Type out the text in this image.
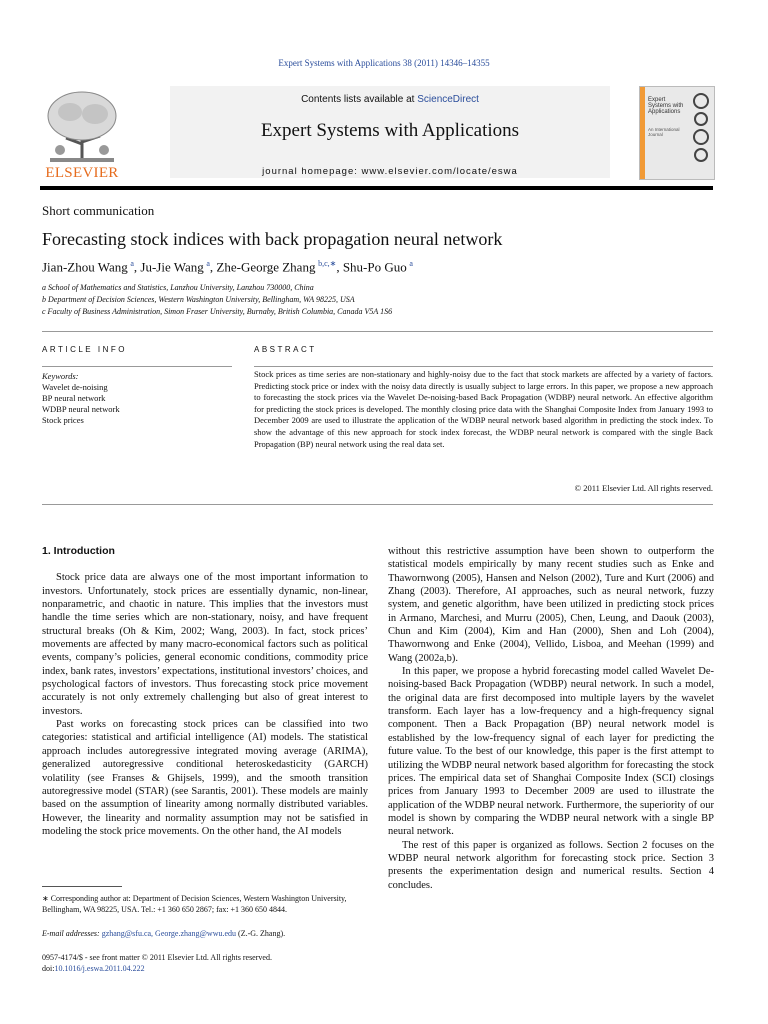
Expert Systems with Applications 38 (2011) 14346–14355
ELSEVIER
Contents lists available at ScienceDirect
Expert Systems with Applications
journal homepage: www.elsevier.com/locate/eswa
Expert Systems with Applications
An International Journal
Short communication
Forecasting stock indices with back propagation neural network
Jian-Zhou Wang  $^a$, Ju-Jie Wang  $^a$, Zhe-George Zhang  $^{b,c,∗}$, Shu-Po Guo  $^a$
a School of Mathematics and Statistics, Lanzhou University, Lanzhou 730000, China
b Department of Decision Sciences, Western Washington University, Bellingham, WA 98225, USA
c Faculty of Business Administration, Simon Fraser University, Burnaby, British Columbia, Canada V5A 1S6
ARTICLE INFO	ABSTRACT
Keywords:
Wavelet de-noising
BP neural network
WDBP neural network
Stock prices
Stock prices as time series are non-stationary and highly-noisy due to the fact that stock markets are affected by a variety of factors. Predicting stock price or index with the noisy data directly is usually subject to large errors. In this paper, we propose a new approach to forecasting the stock prices via the Wavelet De-noising-based Back Propagation (WDBP) neural network. An effective algorithm for predicting the stock prices is developed. The monthly closing price data with the Shanghai Composite Index from January 1993 to December 2009 are used to illustrate the application of the WDBP neural network based algorithm in predicting the stock index. To show the advantage of this new approach for stock index forecast, the WDBP neural network is compared with the single Back Propagation (BP) neural network using the real data set.
© 2011 Elsevier Ltd. All rights reserved.
1. Introduction

Stock price data are always one of the most important information to investors. Unfortunately, stock prices are essentially dynamic, non-linear, nonparametric, and chaotic in nature. This implies that the investors must handle the time series which are non-stationary, noisy, and have frequent structural breaks (Oh & Kim, 2002; Wang, 2003). In fact, stock prices’ movements are affected by many macro-economical factors such as political events, company’s policies, general economic conditions, commodity price index, bank rates, investors’ expectations, institutional investors’ choices, and psychological factors of investors. Thus forecasting stock price movement accurately is not only extremely challenging but also of great interest to investors.

Past works on forecasting stock prices can be classified into two categories: statistical and artificial intelligence (AI) models. The statistical approach includes autoregressive integrated moving average (ARIMA), generalized autoregressive conditional heteroskedasticity (GARCH) volatility (see Franses & Ghijsels, 1999), and the smooth transition autoregressive model (STAR) (see Sarantis, 2001). These models are mainly based on the assumption of linearity among normally distributed variables. However, the linearity and normality assumption may not be satisfied in modeling the stock price movements. On the other hand, the AI models

without this restrictive assumption have been shown to outperform the statistical models empirically by many recent studies such as Enke and Thawornwong (2005), Hansen and Nelson (2002), Ture and Kurt (2006) and Zhang (2003). Therefore, AI approaches, such as neural network, fuzzy system, and genetic algorithm, have been utilized in predicting stock prices in Armano, Marchesi, and Murru (2005), Chen, Leung, and Daouk (2003), Chun and Kim (2004), Kim and Han (2000), Shen and Loh (2004), Thawornwong and Enke (2004), Vellido, Lisboa, and Meehan (1999) and Wang (2002a,b).

In this paper, we propose a hybrid forecasting model called Wavelet De-noising-based Back Propagation (WDBP) neural network. In such a model, the original data are first decomposed into multiple layers by the wavelet transform. Each layer has a low-frequency and a high-frequency signal component. Then a Back Propagation (BP) neural network model is established by the low-frequency signal of each layer for predicting the future value. To the best of our knowledge, this paper is the first attempt to utilizing the WDBP neural network based algorithm for forecasting the stock prices. The empirical data set of Shanghai Composite Index (SCI) closings prices from January 1993 to December 2009 are used to illustrate the application of the WDBP neural network. Furthermore, the superiority of our model is shown by comparing the WDBP neural network with a single BP neural network.

The rest of this paper is organized as follows. Section 2 focuses on the WDBP neural network algorithm for forecasting stock price. Section 3 presents the experimentation design and numerical results. Section 4 concludes.

∗ Corresponding author at: Department of Decision Sciences, Western Washington University, Bellingham, WA 98225, USA. Tel.: +1 360 650 2867; fax: +1 360 650 4844.
E-mail addresses: gzhang@sfu.ca, George.zhang@wwu.edu (Z.-G. Zhang).
0957-4174/$ - see front matter © 2011 Elsevier Ltd. All rights reserved.
doi:10.1016/j.eswa.2011.04.222
